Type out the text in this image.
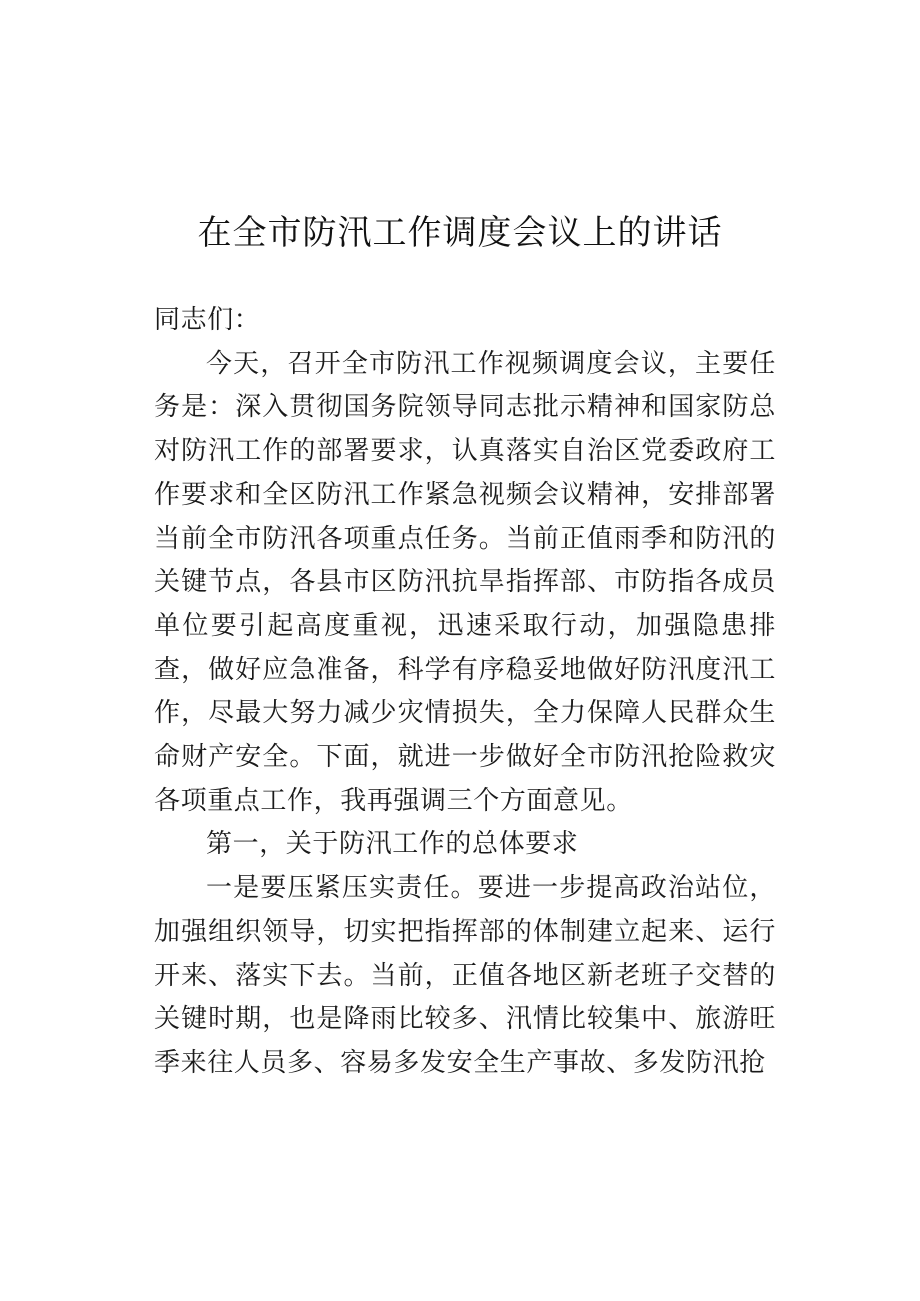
在全市防汛工作调度会议上的讲话

同志们：

今天，召开全市防汛工作视频调度会议，主要任务是：深入贯彻国务院领导同志批示精神和国家防总对防汛工作的部署要求，认真落实自治区党委政府工作要求和全区防汛工作紧急视频会议精神，安排部署当前全市防汛各项重点任务。当前正值雨季和防汛的关键节点，各县市区防汛抗旱指挥部、市防指各成员单位要引起高度重视，迅速采取行动，加强隐患排查，做好应急准备，科学有序稳妥地做好防汛度汛工作，尽最大努力减少灾情损失，全力保障人民群众生命财产安全。下面，就进一步做好全市防汛抢险救灾各项重点工作，我再强调三个方面意见。

第一，关于防汛工作的总体要求

一是要压紧压实责任。要进一步提高政治站位，加强组织领导，切实把指挥部的体制建立起来、运行开来、落实下去。当前，正值各地区新老班子交替的关键时期，也是降雨比较多、汛情比较集中、旅游旺季来往人员多、容易多发安全生产事故、多发防汛抢
